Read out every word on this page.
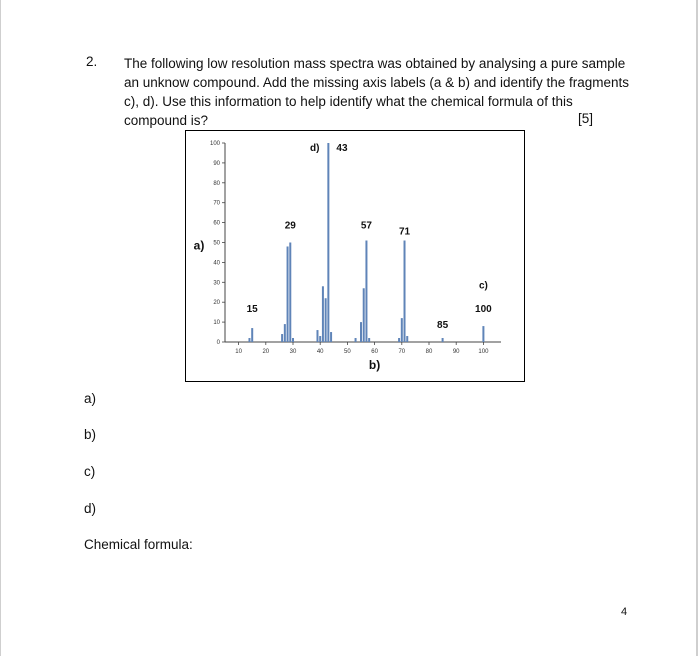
2. The following low resolution mass spectra was obtained by analysing a pure sample an unknow compound. Add the missing axis labels (a & b) and identify the fragments c), d). Use this information to help identify what the chemical formula of this compound is?	[5]
0
10
20
30
40
50
60
70
80
90
100
10	20	30	40	50	60	70	80	90	100
a)
b)
15
29
43
d)
57
71
85
100
c)
a)
b)
c)
d)
Chemical formula:
4
